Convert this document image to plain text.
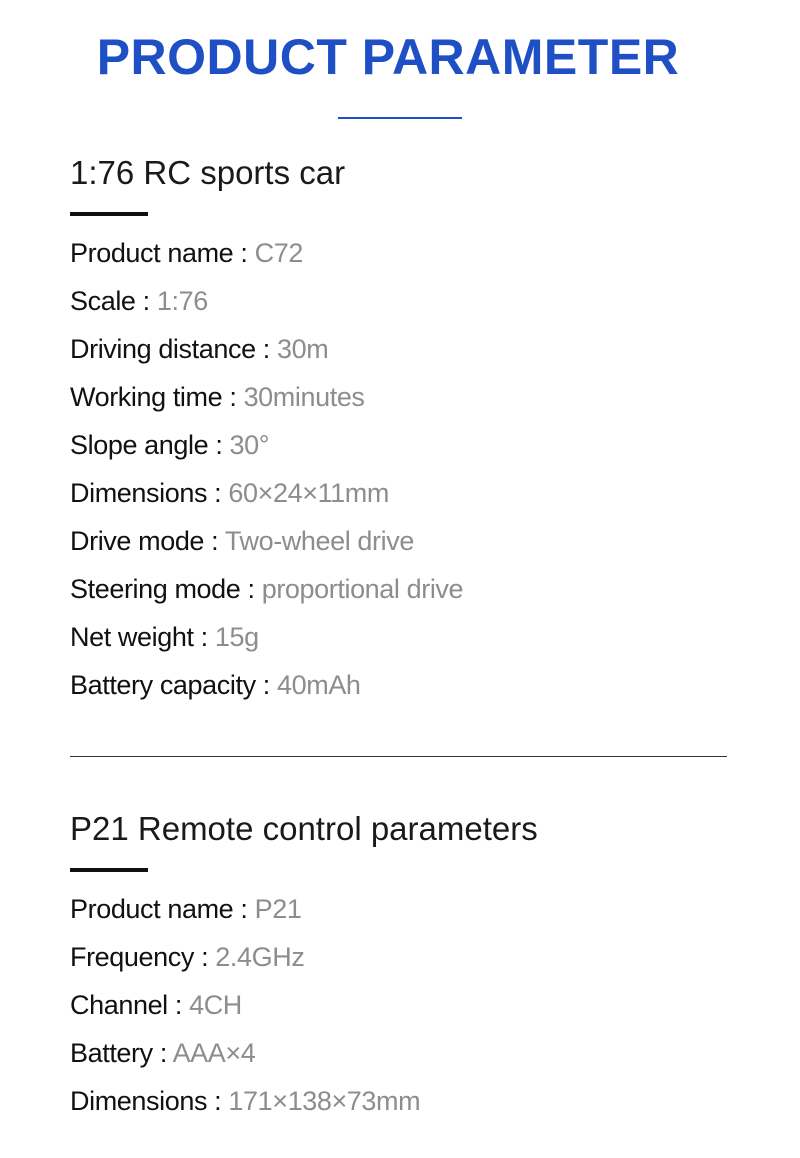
PRODUCT PARAMETER
1:76 RC sports car
Product name : C72
Scale : 1:76
Driving distance : 30m
Working time : 30minutes
Slope angle : 30°
Dimensions : 60×24×11mm
Drive mode : Two-wheel drive
Steering mode : proportional drive
Net weight : 15g
Battery capacity : 40mAh
P21 Remote control parameters
Product name : P21
Frequency : 2.4GHz
Channel : 4CH
Battery : AAA×4
Dimensions : 171×138×73mm
